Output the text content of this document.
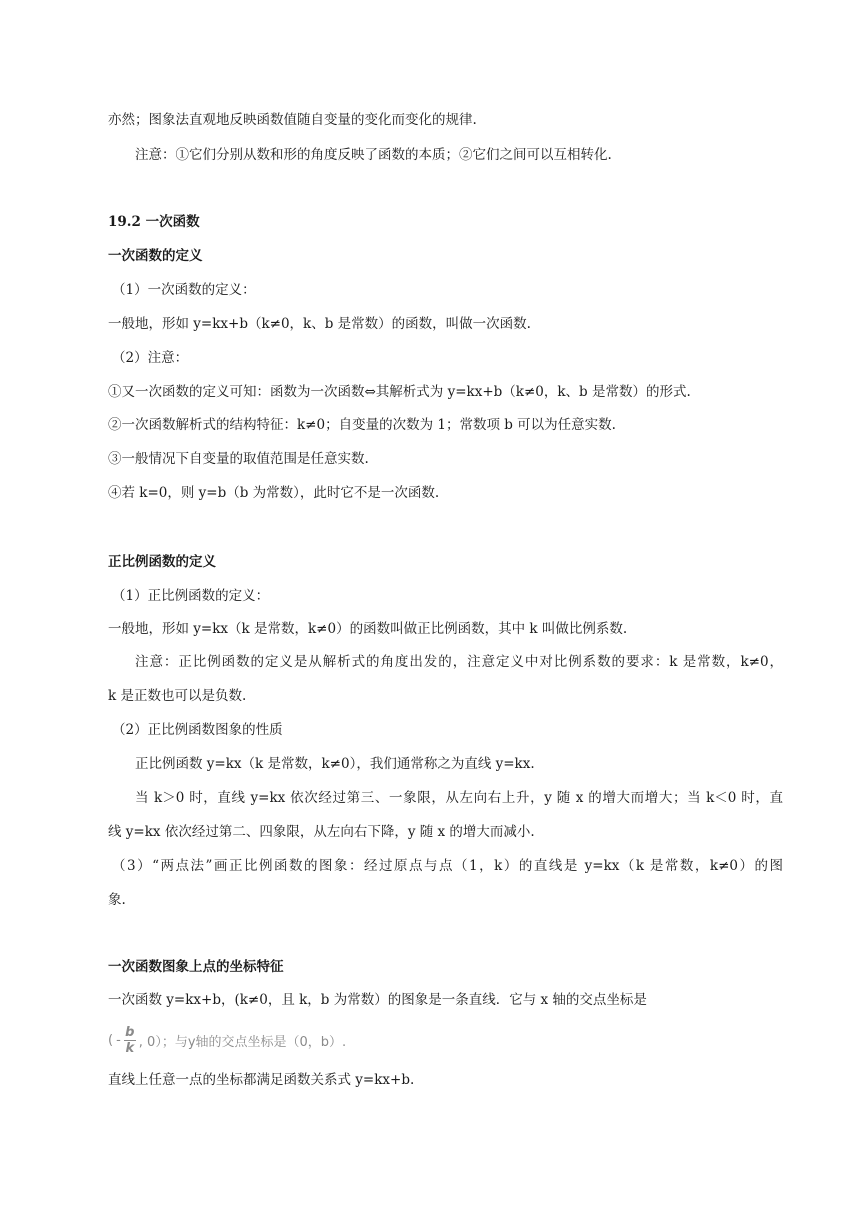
亦然；图象法直观地反映函数值随自变量的变化而变化的规律.
注意：①它们分别从数和形的角度反映了函数的本质；②它们之间可以互相转化.
19.2 一次函数
一次函数的定义
（1）一次函数的定义：
一般地，形如 y=kx+b（k≠0，k、b 是常数）的函数，叫做一次函数.
（2）注意：
①又一次函数的定义可知：函数为一次函数⇔其解析式为 y=kx+b（k≠0，k、b 是常数）的形式.
②一次函数解析式的结构特征：k≠0；自变量的次数为 1；常数项 b 可以为任意实数.
③一般情况下自变量的取值范围是任意实数.
④若 k=0，则 y=b（b 为常数），此时它不是一次函数.
正比例函数的定义
（1）正比例函数的定义：
一般地，形如 y=kx（k 是常数，k≠0）的函数叫做正比例函数，其中 k 叫做比例系数.
注意：正比例函数的定义是从解析式的角度出发的，注意定义中对比例系数的要求：k 是常数，k≠0，
k 是正数也可以是负数.
（2）正比例函数图象的性质
正比例函数 y=kx（k 是常数，k≠0），我们通常称之为直线 y=kx.
当 k＞0 时，直线 y=kx 依次经过第三、一象限，从左向右上升，y 随 x 的增大而增大；当 k＜0 时，直
线 y=kx 依次经过第二、四象限，从左向右下降，y 随 x 的增大而减小.
（3）“两点法”画正比例函数的图象：经过原点与点（1，k）的直线是 y=kx（k 是常数，k≠0）的图
象.
一次函数图象上点的坐标特征
一次函数 y=kx+b，(k≠0，且 k，b 为常数）的图象是一条直线．它与 x 轴的交点坐标是
( - $\frac{b}{k}$ , 0）；与y轴的交点坐标是（0，b）.
直线上任意一点的坐标都满足函数关系式 y=kx+b.
